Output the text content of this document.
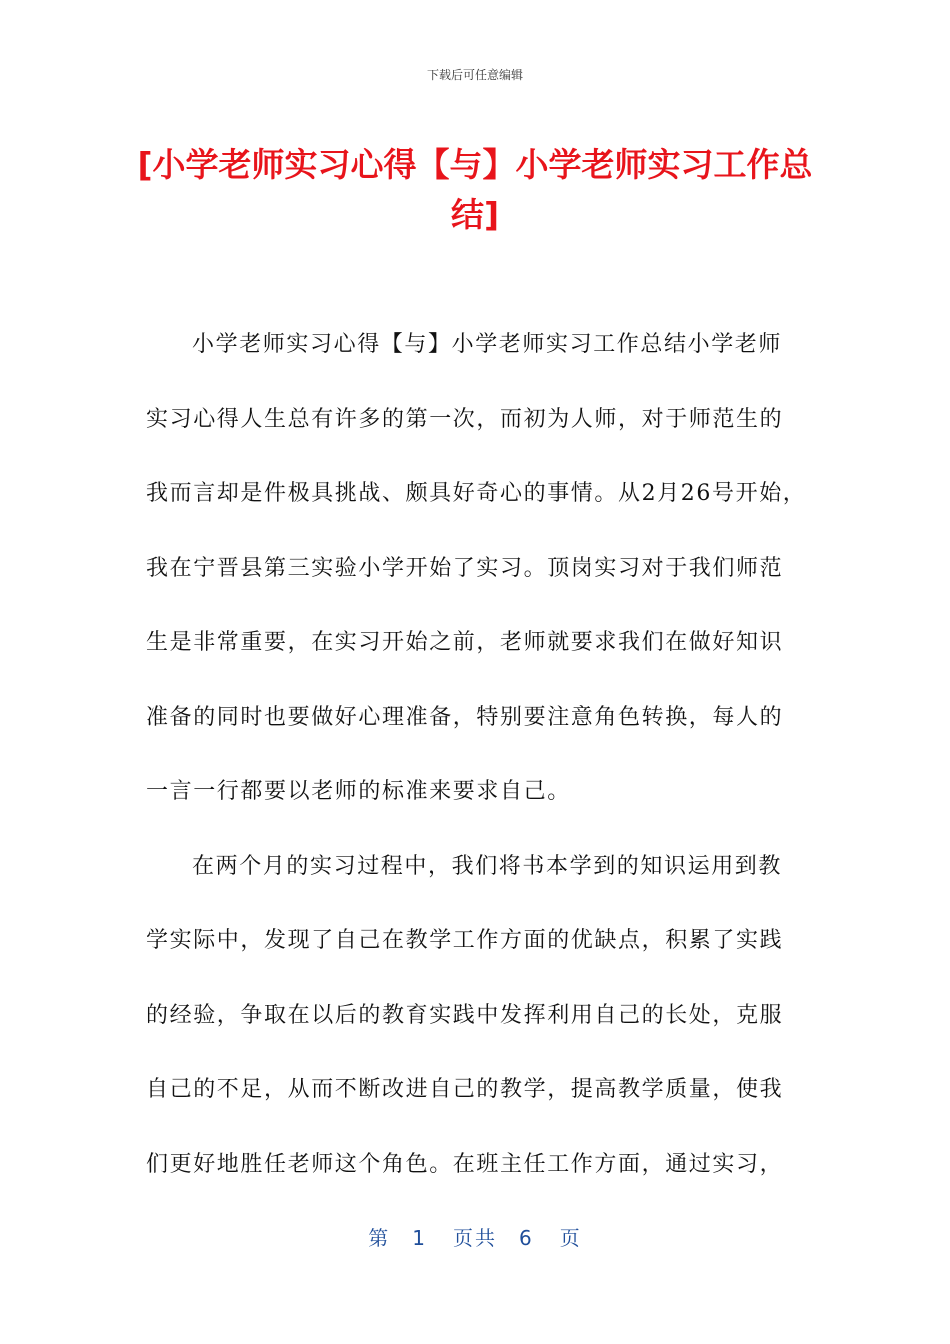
下载后可任意编辑
[小学老师实习心得【与】小学老师实习工作总结]
小学老师实习心得【与】小学老师实习工作总结小学老师
实习心得人生总有许多的第一次，而初为人师，对于师范生的
我而言却是件极具挑战、颇具好奇心的事情。从2月26号开始，
我在宁晋县第三实验小学开始了实习。顶岗实习对于我们师范
生是非常重要，在实习开始之前，老师就要求我们在做好知识
准备的同时也要做好心理准备，特别要注意角色转换，每人的
一言一行都要以老师的标准来要求自己。
在两个月的实习过程中，我们将书本学到的知识运用到教
学实际中，发现了自己在教学工作方面的优缺点，积累了实践
的经验，争取在以后的教育实践中发挥利用自己的长处，克服
自己的不足，从而不断改进自己的教学，提高教学质量，使我
们更好地胜任老师这个角色。在班主任工作方面，通过实习，
第 1 页共 6 页
